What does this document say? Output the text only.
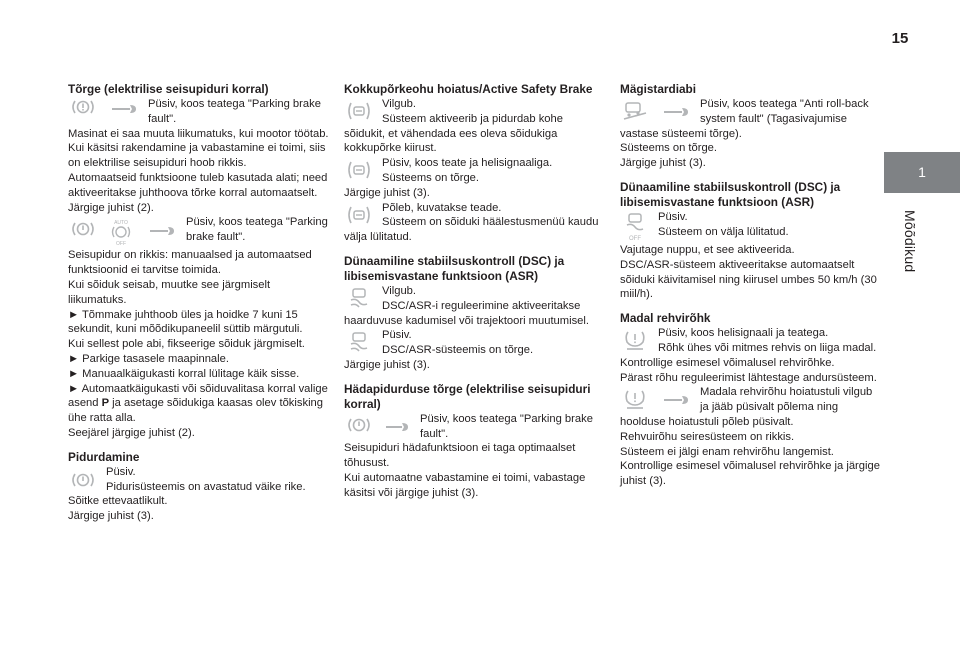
15
1
Mõõdikud
Tõrge (elektrilise seisupiduri korral)
Püsiv, koos teatega "Parking brake fault".
Masinat ei saa muuta liikumatuks, kui mootor töötab.
Kui käsitsi rakendamine ja vabastamine ei toimi, siis on elektrilise seisupiduri hoob rikkis.
Automaatseid funktsioone tuleb kasutada alati; need aktiveeritakse juhthoova tõrke korral automaatselt.
Järgige juhist (2).
AUTO
OFF
Püsiv, koos teatega "Parking brake fault".
Seisupidur on rikkis: manuaalsed ja automaatsed funktsioonid ei tarvitse toimida.
Kui sõiduk seisab, muutke see järgmiselt liikumatuks.
► Tõmmake juhthoob üles ja hoidke 7 kuni 15 sekundit, kuni mõõdikupaneelil süttib märgutuli.
Kui sellest pole abi, fikseerige sõiduk järgmiselt.
► Parkige tasasele maapinnale.
► Manuaalkäigukasti korral lülitage käik sisse.
► Automaatkäigukasti või sõiduvalitasa korral valige asend P ja asetage sõidukiga kaasas olev tõkisking ühe ratta alla.
Seejärel järgige juhist (2).
Pidurdamine
Püsiv.
Pidurisüsteemis on avastatud väike rike.
Sõitke ettevaatlikult.
Järgige juhist (3).
Kokkupõrkeohu hoiatus/Active Safety Brake
Vilgub.
Süsteem aktiveerib ja pidurdab kohe sõidukit, et vähendada ees oleva sõidukiga kokkupõrke kiirust.
Püsiv, koos teate ja helisignaaliga.
Süsteems on tõrge.
Järgige juhist (3).
Põleb, kuvatakse teade.
Süsteem on sõiduki häälestusmenüü kaudu välja lülitatud.
Dünaamiline stabiilsuskontroll (DSC) ja libisemisvastane funktsioon (ASR)
Vilgub.
DSC/ASR-i reguleerimine aktiveeritakse haarduvuse kadumisel või trajektoori muutumisel.
Püsiv.
DSC/ASR-süsteemis on tõrge.
Järgige juhist (3).
Hädapidurduse tõrge (elektrilise seisupiduri korral)
Püsiv, koos teatega "Parking brake fault".
Seisupiduri hädafunktsioon ei taga optimaalset tõhusust.
Kui automaatne vabastamine ei toimi, vabastage käsitsi või järgige juhist (3).
Mägistardiabi
Püsiv, koos teatega "Anti roll-back system fault" (Tagasivajumise vastase süsteemi tõrge).
Süsteems on tõrge.
Järgige juhist (3).
Dünaamiline stabiilsuskontroll (DSC) ja libisemisvastane funktsioon (ASR)
OFF
Püsiv.
Süsteem on välja lülitatud.
Vajutage nuppu, et see aktiveerida.
DSC/ASR-süsteem aktiveeritakse automaatselt sõiduki käivitamisel ning kiirusel umbes 50 km/h (30 miil/h).
Madal rehvirõhk
Püsiv, koos helisignaali ja teatega.
Rõhk ühes või mitmes rehvis on liiga madal.
Kontrollige esimesel võimalusel rehvirõhke.
Pärast rõhu reguleerimist lähtestage andursüsteem.
Madala rehvirõhu hoiatustuli vilgub ja jääb püsivalt põlema ning hoolduse hoiatustuli põleb püsivalt.
Rehvuirõhu seiresüsteem on rikkis.
Süsteem ei jälgi enam rehvirõhu langemist.
Kontrollige esimesel võimalusel rehvirõhke ja järgige juhist (3).
